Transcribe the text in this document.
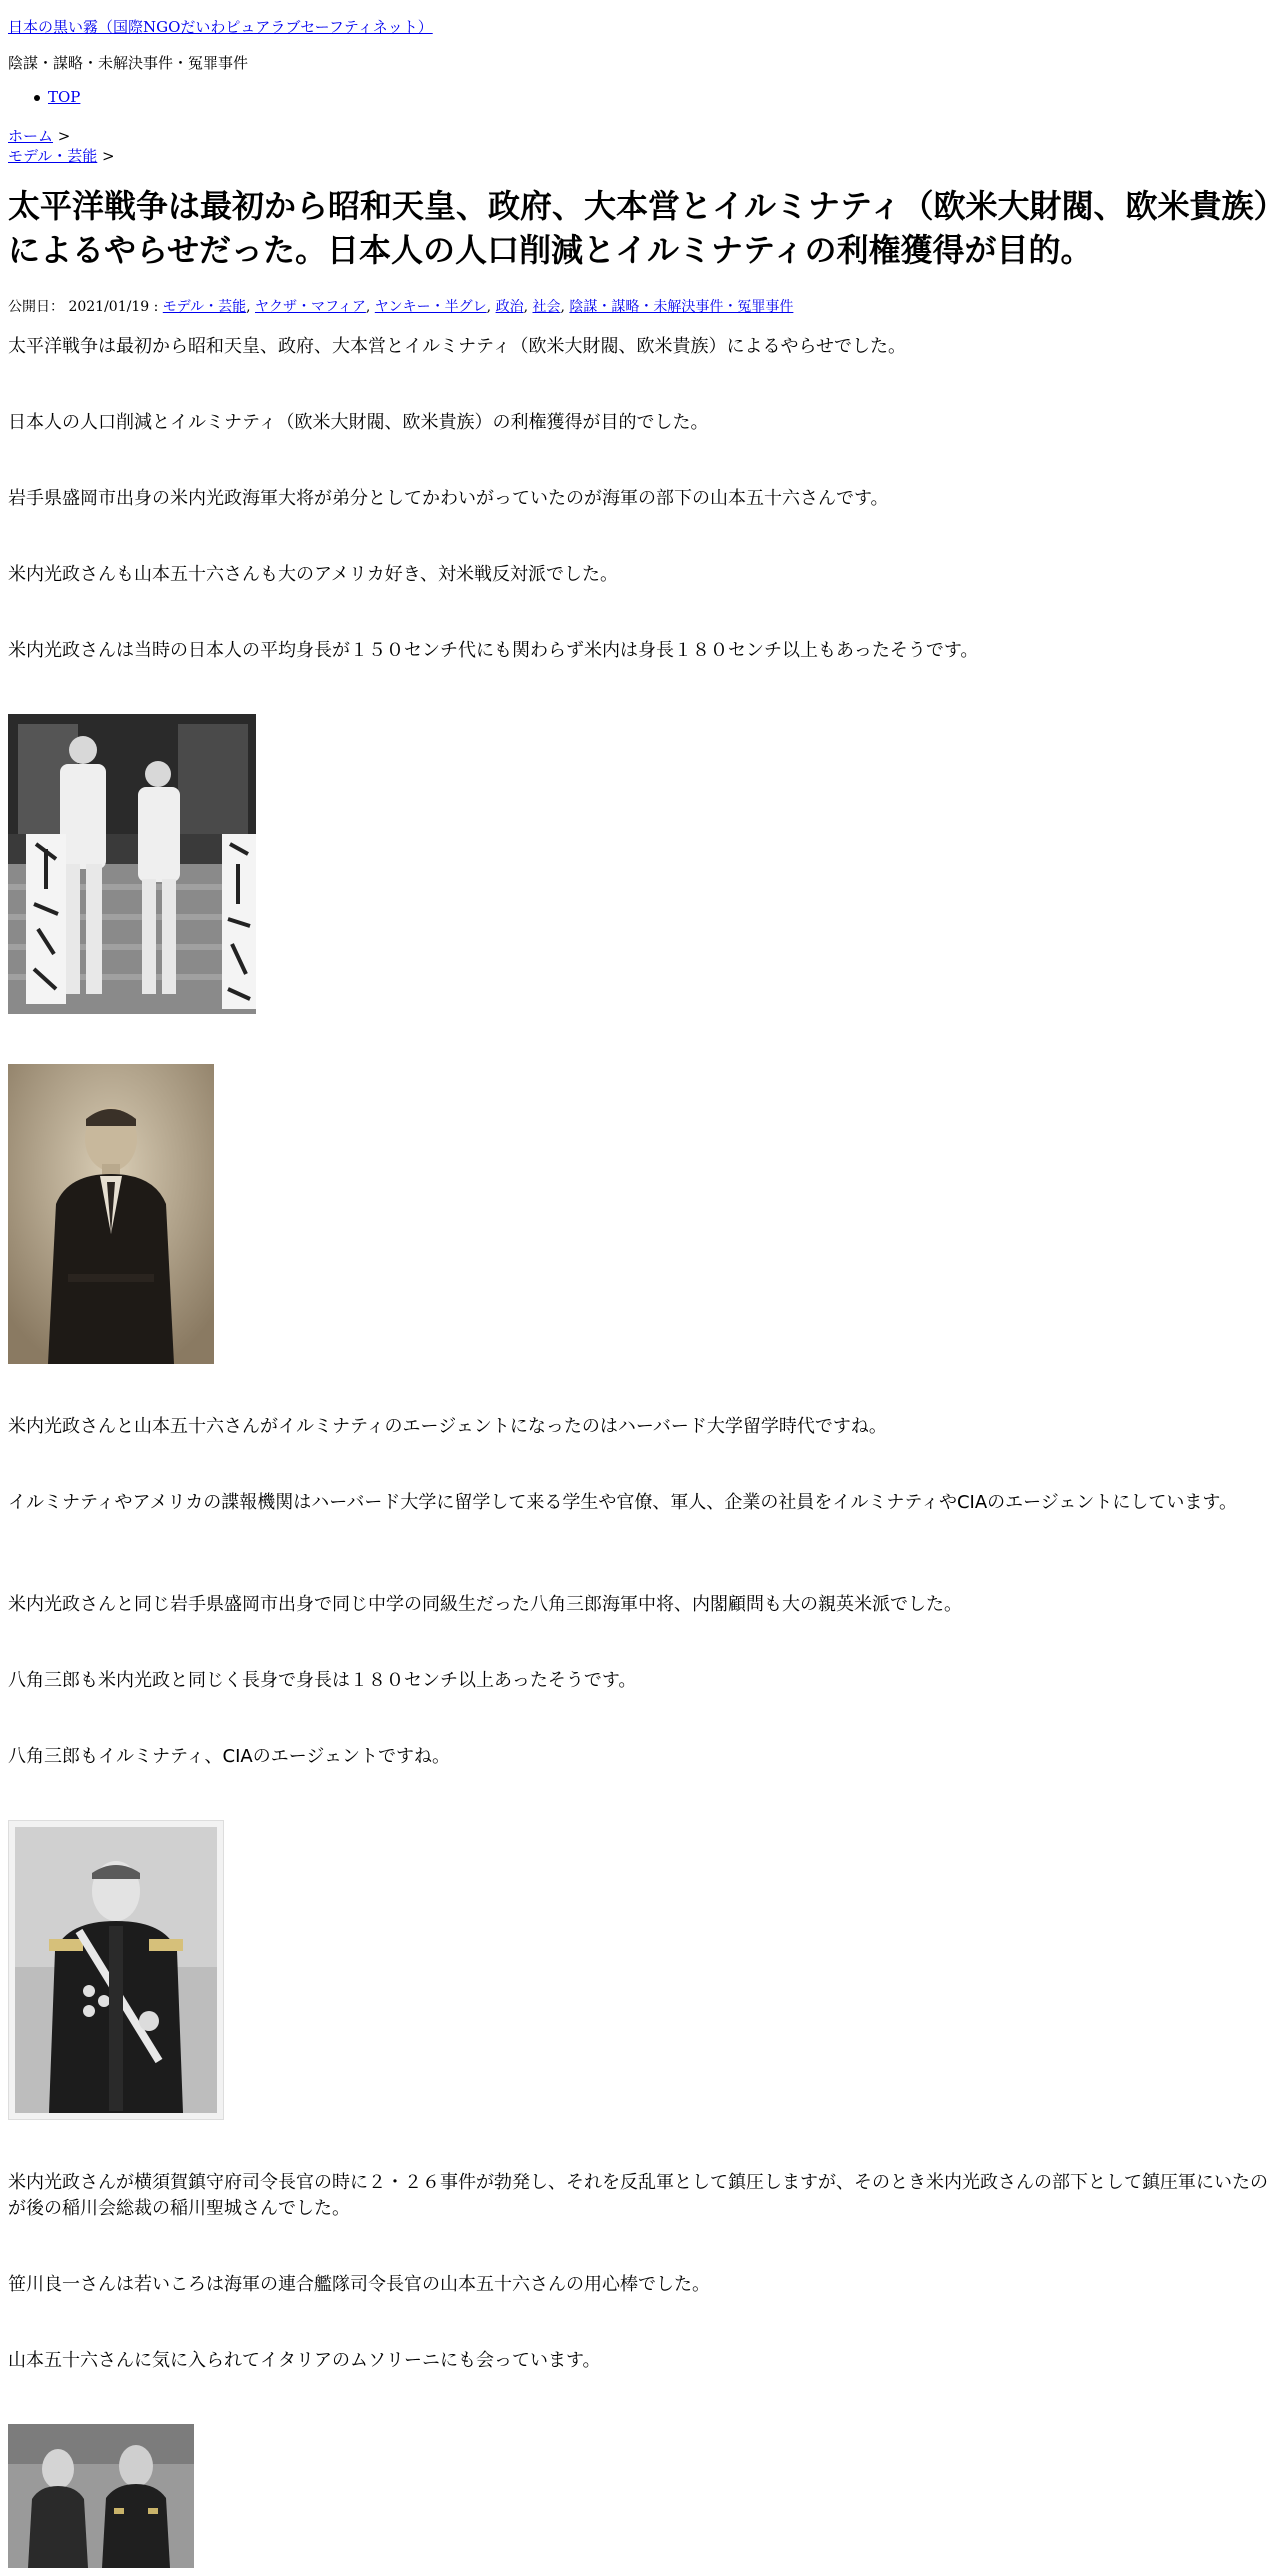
日本の黒い霧（国際NGOだいわピュアラブセーフティネット）
陰謀・謀略・未解決事件・冤罪事件
TOP
ホーム >
モデル・芸能 >
太平洋戦争は最初から昭和天皇、政府、大本営とイルミナティ（欧米大財閥、欧米貴族）によるやらせだった。日本人の人口削減とイルミナティの利権獲得が目的。
公開日： 2021/01/19 : モデル・芸能, ヤクザ・マフィア, ヤンキー・半グレ, 政治, 社会, 陰謀・謀略・未解決事件・冤罪事件

太平洋戦争は最初から昭和天皇、政府、大本営とイルミナティ（欧米大財閥、欧米貴族）によるやらせでした。

日本人の人口削減とイルミナティ（欧米大財閥、欧米貴族）の利権獲得が目的でした。

岩手県盛岡市出身の米内光政海軍大将が弟分としてかわいがっていたのが海軍の部下の山本五十六さんです。

米内光政さんも山本五十六さんも大のアメリカ好き、対米戦反対派でした。

米内光政さんは当時の日本人の平均身長が１５０センチ代にも関わらず米内は身長１８０センチ以上もあったそうです。

米内光政さんと山本五十六さんがイルミナティのエージェントになったのはハーバード大学留学時代ですね。

イルミナティやアメリカの諜報機関はハーバード大学に留学して来る学生や官僚、軍人、企業の社員をイルミナティやCIAのエージェントにしています。

米内光政さんと同じ岩手県盛岡市出身で同じ中学の同級生だった八角三郎海軍中将、内閣顧問も大の親英米派でした。

八角三郎も米内光政と同じく長身で身長は１８０センチ以上あったそうです。

八角三郎もイルミナティ、CIAのエージェントですね。

米内光政さんが横須賀鎮守府司令長官の時に２・２６事件が勃発し、それを反乱軍として鎮圧しますが、そのとき米内光政さんの部下として鎮圧軍にいたのが後の稲川会総裁の稲川聖城さんでした。

笹川良一さんは若いころは海軍の連合艦隊司令長官の山本五十六さんの用心棒でした。

山本五十六さんに気に入られてイタリアのムソリーニにも会っています。
